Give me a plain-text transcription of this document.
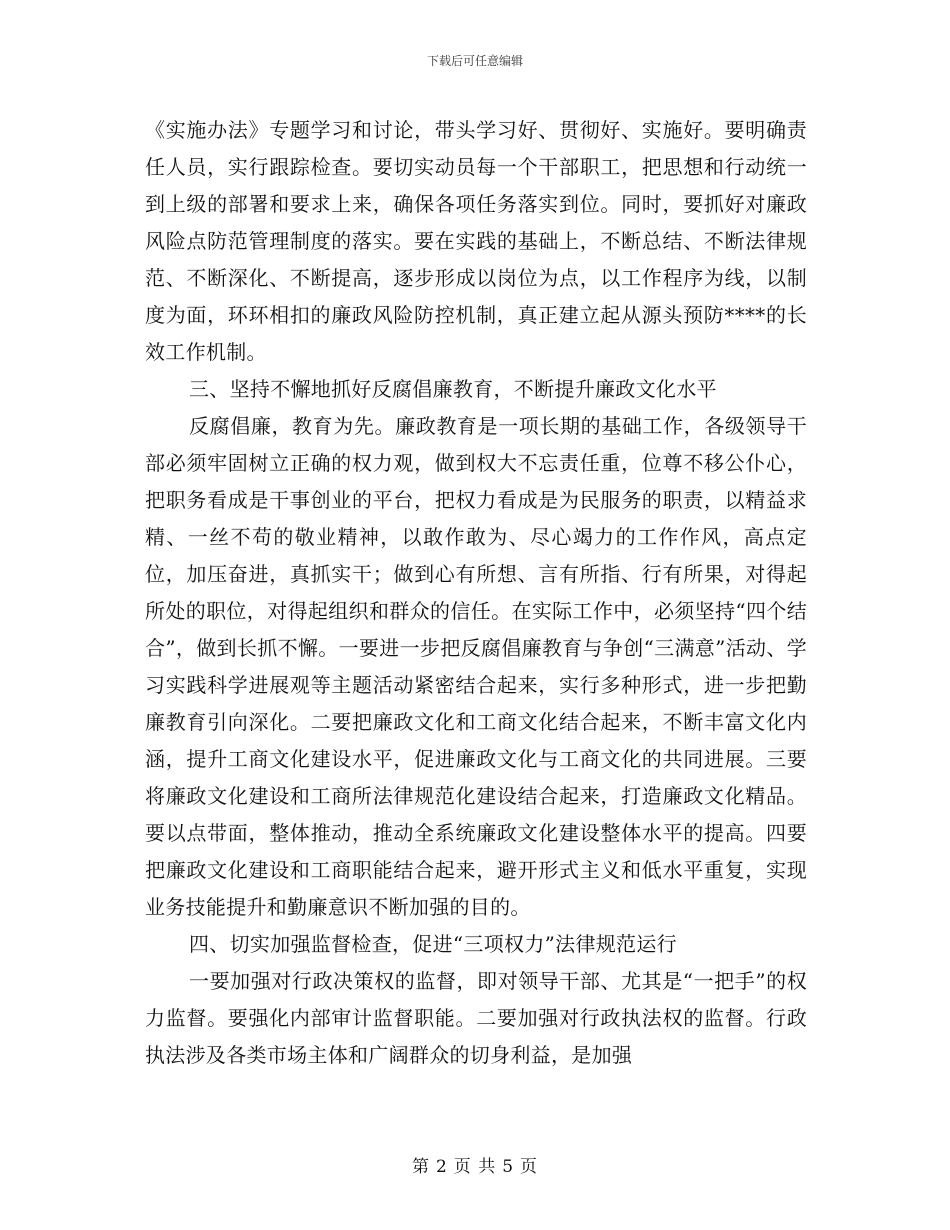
下载后可任意编辑

《实施办法》专题学习和讨论，带头学习好、贯彻好、实施好。要明确责任人员，实行跟踪检查。要切实动员每一个干部职工，把思想和行动统一到上级的部署和要求上来，确保各项任务落实到位。同时，要抓好对廉政风险点防范管理制度的落实。要在实践的基础上，不断总结、不断法律规范、不断深化、不断提高，逐步形成以岗位为点，以工作程序为线，以制度为面，环环相扣的廉政风险防控机制，真正建立起从源头预防****的长效工作机制。

三、坚持不懈地抓好反腐倡廉教育，不断提升廉政文化水平

反腐倡廉，教育为先。廉政教育是一项长期的基础工作，各级领导干部必须牢固树立正确的权力观，做到权大不忘责任重，位尊不移公仆心，把职务看成是干事创业的平台，把权力看成是为民服务的职责，以精益求精、一丝不苟的敬业精神，以敢作敢为、尽心竭力的工作作风，高点定位，加压奋进，真抓实干；做到心有所想、言有所指、行有所果，对得起所处的职位，对得起组织和群众的信任。在实际工作中，必须坚持“四个结合”，做到长抓不懈。一要进一步把反腐倡廉教育与争创“三满意”活动、学习实践科学进展观等主题活动紧密结合起来，实行多种形式，进一步把勤廉教育引向深化。二要把廉政文化和工商文化结合起来，不断丰富文化内涵，提升工商文化建设水平，促进廉政文化与工商文化的共同进展。三要将廉政文化建设和工商所法律规范化建设结合起来，打造廉政文化精品。要以点带面，整体推动，推动全系统廉政文化建设整体水平的提高。四要把廉政文化建设和工商职能结合起来，避开形式主义和低水平重复，实现业务技能提升和勤廉意识不断加强的目的。

四、切实加强监督检查，促进“三项权力”法律规范运行

一要加强对行政决策权的监督，即对领导干部、尤其是“一把手”的权力监督。要强化内部审计监督职能。二要加强对行政执法权的监督。行政执法涉及各类市场主体和广阔群众的切身利益，是加强

第 2 页 共 5 页
